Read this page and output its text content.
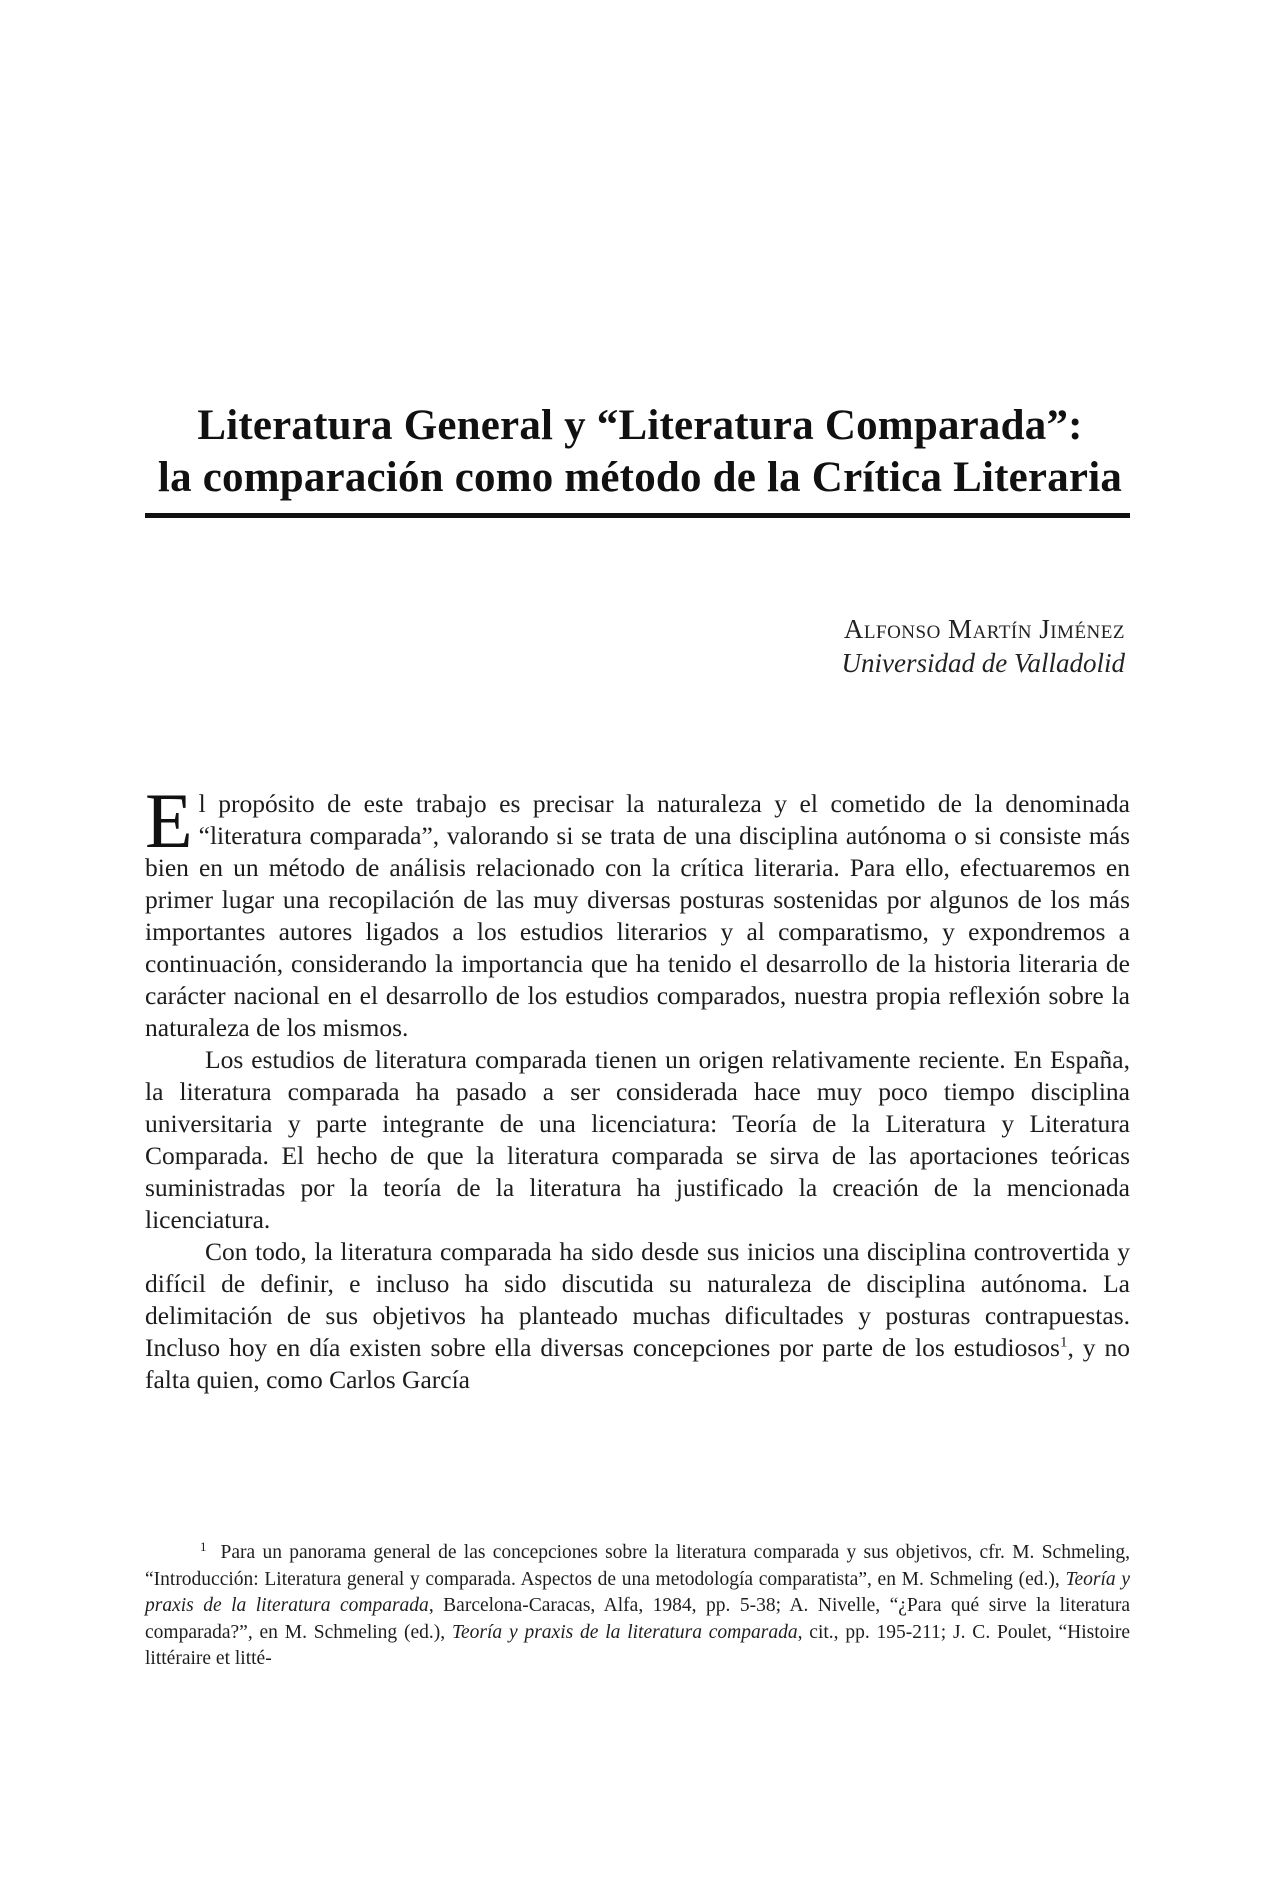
Literatura General y “Literatura Comparada”:
la comparación como método de la Crítica Literaria
Alfonso Martín Jiménez
Universidad de Valladolid

El propósito de este trabajo es precisar la naturaleza y el cometido de la denominada “literatura comparada”, valorando si se trata de una disciplina autónoma o si consiste más bien en un método de análisis relacionado con la crítica literaria. Para ello, efectuaremos en primer lugar una recopilación de las muy diversas posturas sostenidas por algunos de los más importantes autores ligados a los estudios literarios y al comparatismo, y expondremos a continuación, considerando la importancia que ha tenido el desarrollo de la historia literaria de carácter nacional en el desarrollo de los estudios comparados, nuestra propia reflexión sobre la naturaleza de los mismos.

Los estudios de literatura comparada tienen un origen relativamente reciente. En España, la literatura comparada ha pasado a ser considerada hace muy poco tiempo disciplina universitaria y parte integrante de una licenciatura: Teoría de la Literatura y Literatura Comparada. El hecho de que la literatura comparada se sirva de las aportaciones teóricas suministradas por la teoría de la literatura ha justificado la creación de la mencionada licenciatura.

Con todo, la literatura comparada ha sido desde sus inicios una disciplina controvertida y difícil de definir, e incluso ha sido discutida su naturaleza de disciplina autónoma. La delimitación de sus objetivos ha planteado muchas dificultades y posturas contrapuestas. Incluso hoy en día existen sobre ella diversas concepciones por parte de los estudiosos$^1$, y no falta quien, como Carlos García

$^1$ Para un panorama general de las concepciones sobre la literatura comparada y sus objetivos, cfr. M. Schmeling, “Introducción: Literatura general y comparada. Aspectos de una metodología comparatista”, en M. Schmeling (ed.), Teoría y praxis de la literatura comparada, Barcelona-Caracas, Alfa, 1984, pp. 5-38; A. Nivelle, “¿Para qué sirve la literatura comparada?”, en M. Schmeling (ed.), Teoría y praxis de la literatura comparada, cit., pp. 195-211; J. C. Poulet, “Histoire littéraire et litté-
